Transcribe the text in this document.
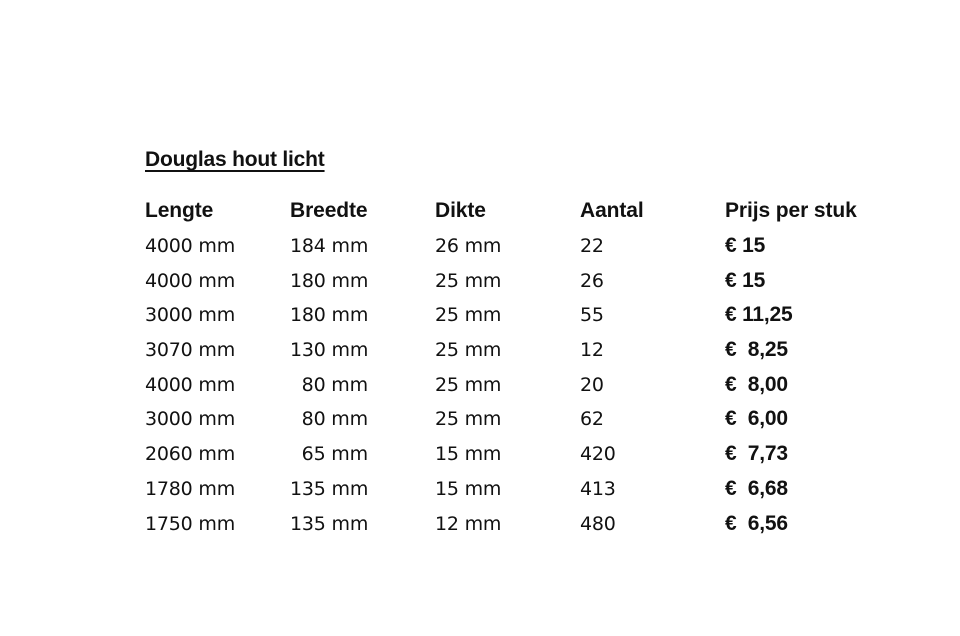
Douglas hout licht
Lengte	Breedte	Dikte	Aantal	Prijs per stuk
4000 mm	184 mm	26 mm	22	€ 15
4000 mm	180 mm	25 mm	26	€ 15
3000 mm	180 mm	25 mm	55	€ 11,25
3070 mm	130 mm	25 mm	12	€  8,25
4000 mm	80 mm	25 mm	20	€  8,00
3000 mm	80 mm	25 mm	62	€  6,00
2060 mm	65 mm	15 mm	420	€  7,73
1780 mm	135 mm	15 mm	413	€  6,68
1750 mm	135 mm	12 mm	480	€  6,56
